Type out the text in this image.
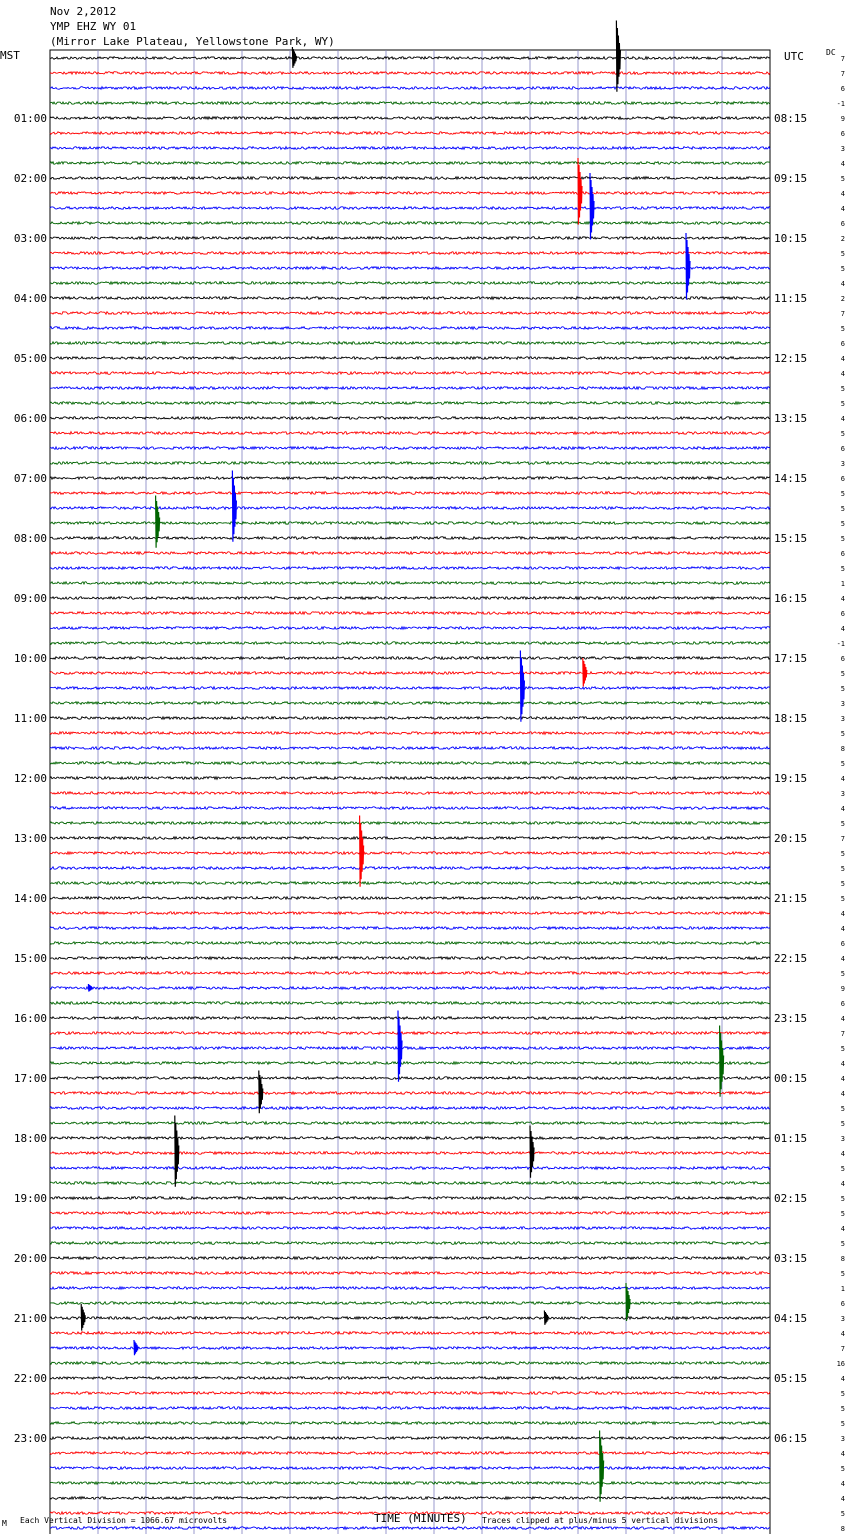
Nov 2,2012
YMP EHZ WY 01
(Mirror Lake Plateau, Yellowstone Park, WY)
MST	UTC	DC
01:00	08:15
02:00	09:15
03:00	10:15
04:00	11:15
05:00	12:15
06:00	13:15
07:00	14:15
08:00	15:15
09:00	16:15
10:00	17:15
11:00	18:15
12:00	19:15
13:00	20:15
14:00	21:15
15:00	22:15
16:00	23:15
17:00	00:15
18:00	01:15
19:00	02:15
20:00	03:15
21:00	04:15
22:00	05:15
23:00	06:15
7
7
6
-1
9
6
3
4
5
4
4
6
2
5
5
4
2
7
5
6
4
4
5
5
4
5
6
3
6
5
5
5
5
6
5
1
4
6
4
-1
6
5
5
3
3
5
8
5
4
3
4
5
7
5
5
5
5
4
4
6
4
5
9
6
4
7
5
4
4
4
5
5
3
4
5
4
5
5
4
5
8
5
1
6
3
4
7
16
4
5
5
5
3
4
5
4
4
5
8
M Each Vertical Division = 1066.67 microvolts	TIME (MINUTES) Traces clipped at plus/minus 5 vertical divisions
